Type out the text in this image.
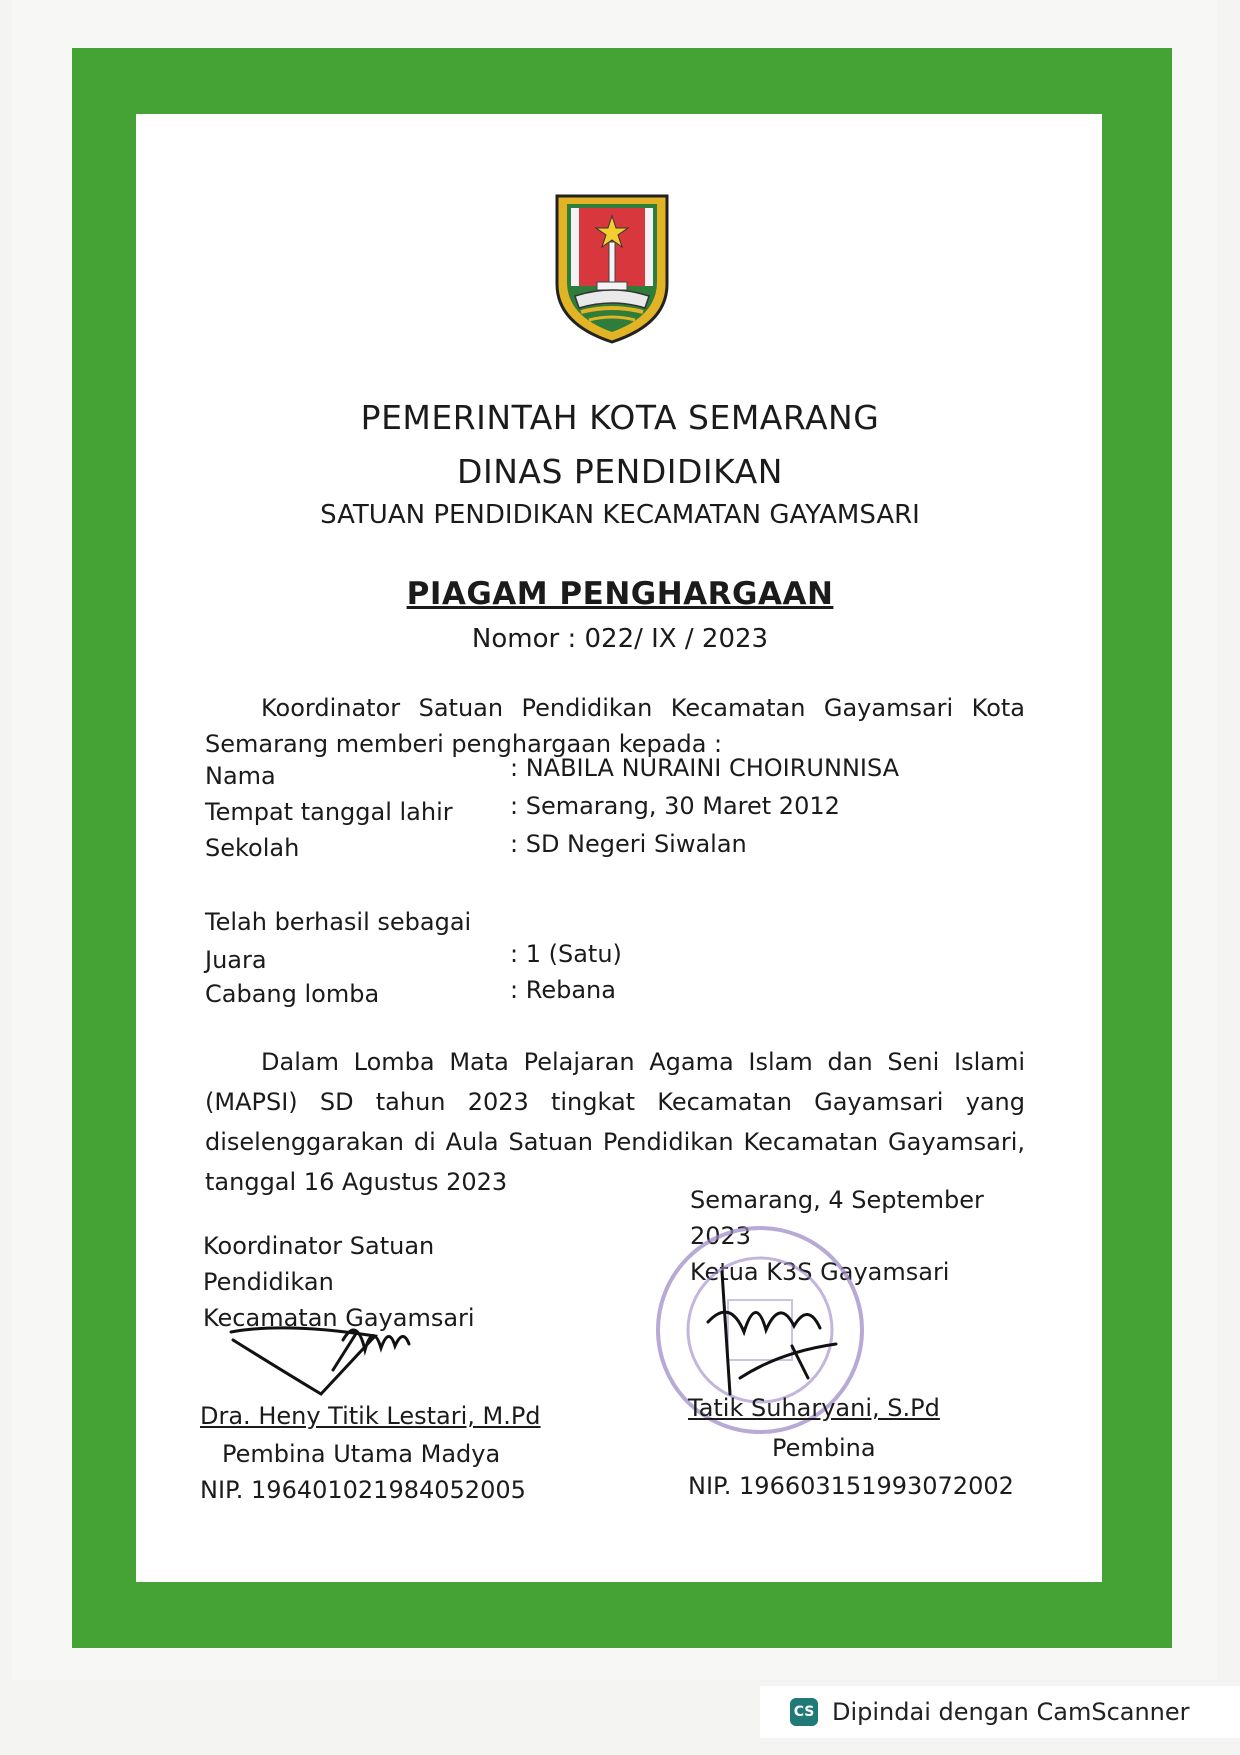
PEMERINTAH KOTA SEMARANG
DINAS PENDIDIKAN
SATUAN PENDIDIKAN KECAMATAN GAYAMSARI
PIAGAM PENGHARGAAN
Nomor : 022/ IX / 2023
Koordinator Satuan Pendidikan Kecamatan Gayamsari Kota
Semarang memberi penghargaan kepada :
Nama	: NABILA NURAINI CHOIRUNNISA
Tempat tanggal lahir : Semarang, 30 Maret 2012
Sekolah	: SD Negeri Siwalan
Telah berhasil sebagai
Juara	: 1 (Satu)
Cabang lomba	: Rebana
Dalam Lomba Mata Pelajaran Agama Islam dan Seni Islami (MAPSI) SD tahun 2023 tingkat Kecamatan Gayamsari yang diselenggarakan di Aula Satuan Pendidikan Kecamatan Gayamsari, tanggal 16 Agustus 2023
Semarang, 4 September 2023
Ketua K3S Gayamsari
Koordinator Satuan Pendidikan
Kecamatan Gayamsari
Dra. Heny Titik Lestari, M.Pd
Pembina Utama Madya
NIP. 196401021984052005
Tatik Suharyani, S.Pd
Pembina
NIP. 196603151993072002
CS Dipindai dengan CamScanner
